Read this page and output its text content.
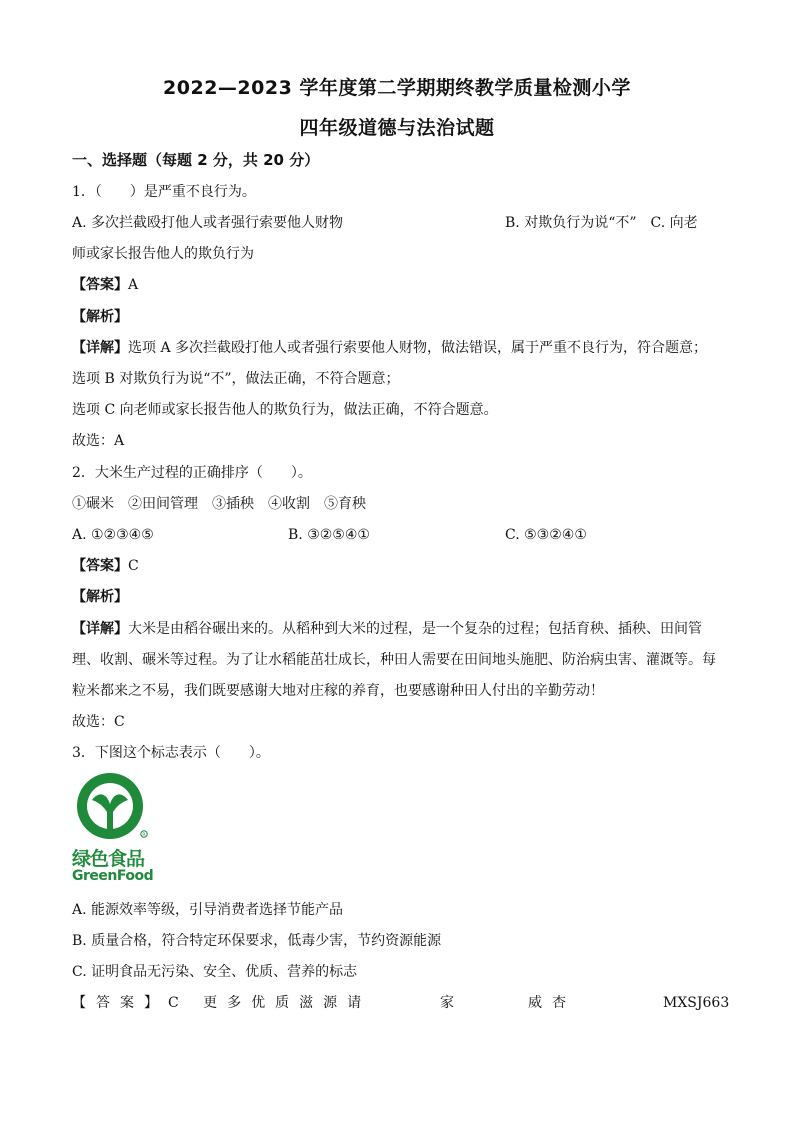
2022—2023 学年度第二学期期终教学质量检测小学
四年级道德与法治试题
一、选择题（每题 2 分，共 20 分）
1．（　　）是严重不良行为。
A. 多次拦截殴打他人或者强行索要他人财物	B. 对欺负行为说“不”　C. 向老
师或家长报告他人的欺负行为
【答案】A
【解析】
【详解】选项 A 多次拦截殴打他人或者强行索要他人财物，做法错误，属于严重不良行为，符合题意；
选项 B 对欺负行为说“不”，做法正确，不符合题意；
选项 C 向老师或家长报告他人的欺负行为，做法正确，不符合题意。
故选：A
2．大米生产过程的正确排序（　　）。
①碾米　②田间管理　③插秧　④收割　⑤育秧
A. ①②③④⑤	B. ③②⑤④①	C. ⑤③②④①
【答案】C
【解析】
【详解】大米是由稻谷碾出来的。从稻种到大米的过程，是一个复杂的过程；包括育秧、插秧、田间管
理、收割、碾米等过程。为了让水稻能茁壮成长，种田人需要在田间地头施肥、防治病虫害、灌溉等。每
粒米都来之不易，我们既要感谢大地对庄稼的养育，也要感谢种田人付出的辛勤劳动！
故选：C
3．下图这个标志表示（　　）。
R
绿色食品
GreenFood
A. 能源效率等级，引导消费者选择节能产品
B. 质量合格，符合特定环保要求，低毒少害，节约资源能源
C. 证明食品无污染、安全、优质、营养的标志
【答案】C 更多优质滋源请	家	威杏	MXSJ663
